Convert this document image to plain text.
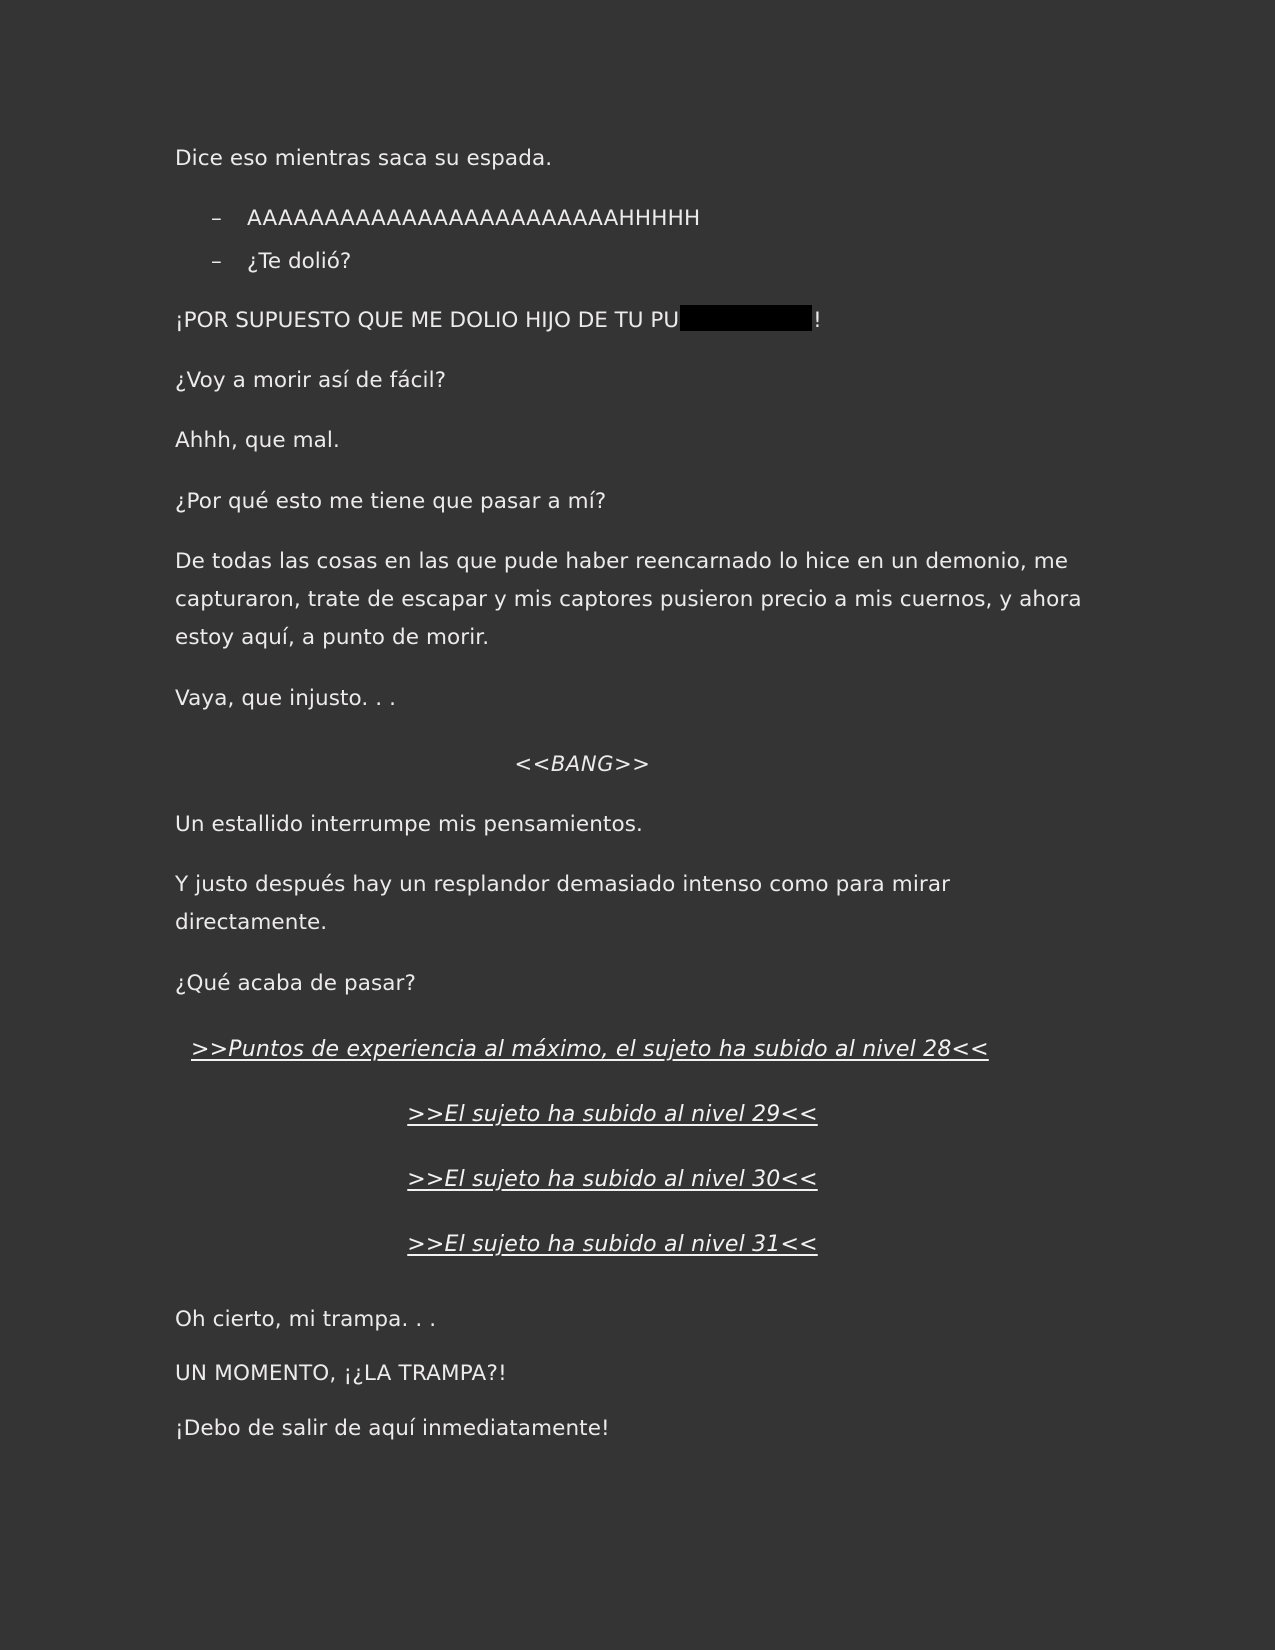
Dice eso mientras saca su espada.

– AAAAAAAAAAAAAAAAAAAAAAAAHHHHH
– ¿Te dolió?
¡POR SUPUESTO QUE ME DOLIO HIJO DE TU PU	!

¿Voy a morir así de fácil?

Ahhh, que mal.

¿Por qué esto me tiene que pasar a mí?

De todas las cosas en las que pude haber reencarnado lo hice en un demonio, me capturaron, trate de escapar y mis captores pusieron precio a mis cuernos, y ahora estoy aquí, a punto de morir.

Vaya, que injusto. . .

<<BANG>>

Un estallido interrumpe mis pensamientos.

Y justo después hay un resplandor demasiado intenso como para mirar directamente.

¿Qué acaba de pasar?

>>Puntos de experiencia al máximo, el sujeto ha subido al nivel 28<<

>>El sujeto ha subido al nivel 29<<

>>El sujeto ha subido al nivel 30<<

>>El sujeto ha subido al nivel 31<<

Oh cierto, mi trampa. . .

UN MOMENTO, ¡¿LA TRAMPA?!

¡Debo de salir de aquí inmediatamente!
